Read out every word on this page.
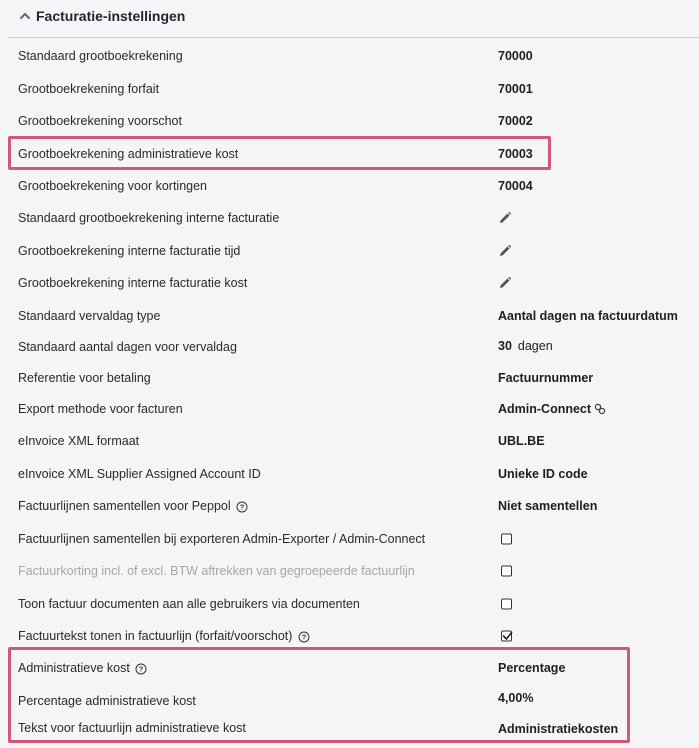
Facturatie-instellingen
Standaard grootboekrekening	70000
Grootboekrekening forfait	70001
Grootboekrekening voorschot	70002
Grootboekrekening administratieve kost	70003
Grootboekrekening voor kortingen	70004
Standaard grootboekrekening interne facturatie
Grootboekrekening interne facturatie tijd
Grootboekrekening interne facturatie kost
Standaard vervaldag type	Aantal dagen na factuurdatum
Standaard aantal dagen voor vervaldag	30 dagen
Referentie voor betaling	Factuurnummer
Export methode voor facturen	Admin-Connect
eInvoice XML formaat	UBL.BE
eInvoice XML Supplier Assigned Account ID	Unieke ID code
Factuurlijnen samentellen voor Peppol ?	Niet samentellen
Factuurlijnen samentellen bij exporteren Admin-Exporter / Admin-Connect
Factuurkorting incl. of excl. BTW aftrekken van gegroepeerde factuurlijn
Toon factuur documenten aan alle gebruikers via documenten
Factuurtekst tonen in factuurlijn (forfait/voorschot) ?
Administratieve kost ?	Percentage
Percentage administratieve kost	4,00%
Tekst voor factuurlijn administratieve kost	Administratiekosten
